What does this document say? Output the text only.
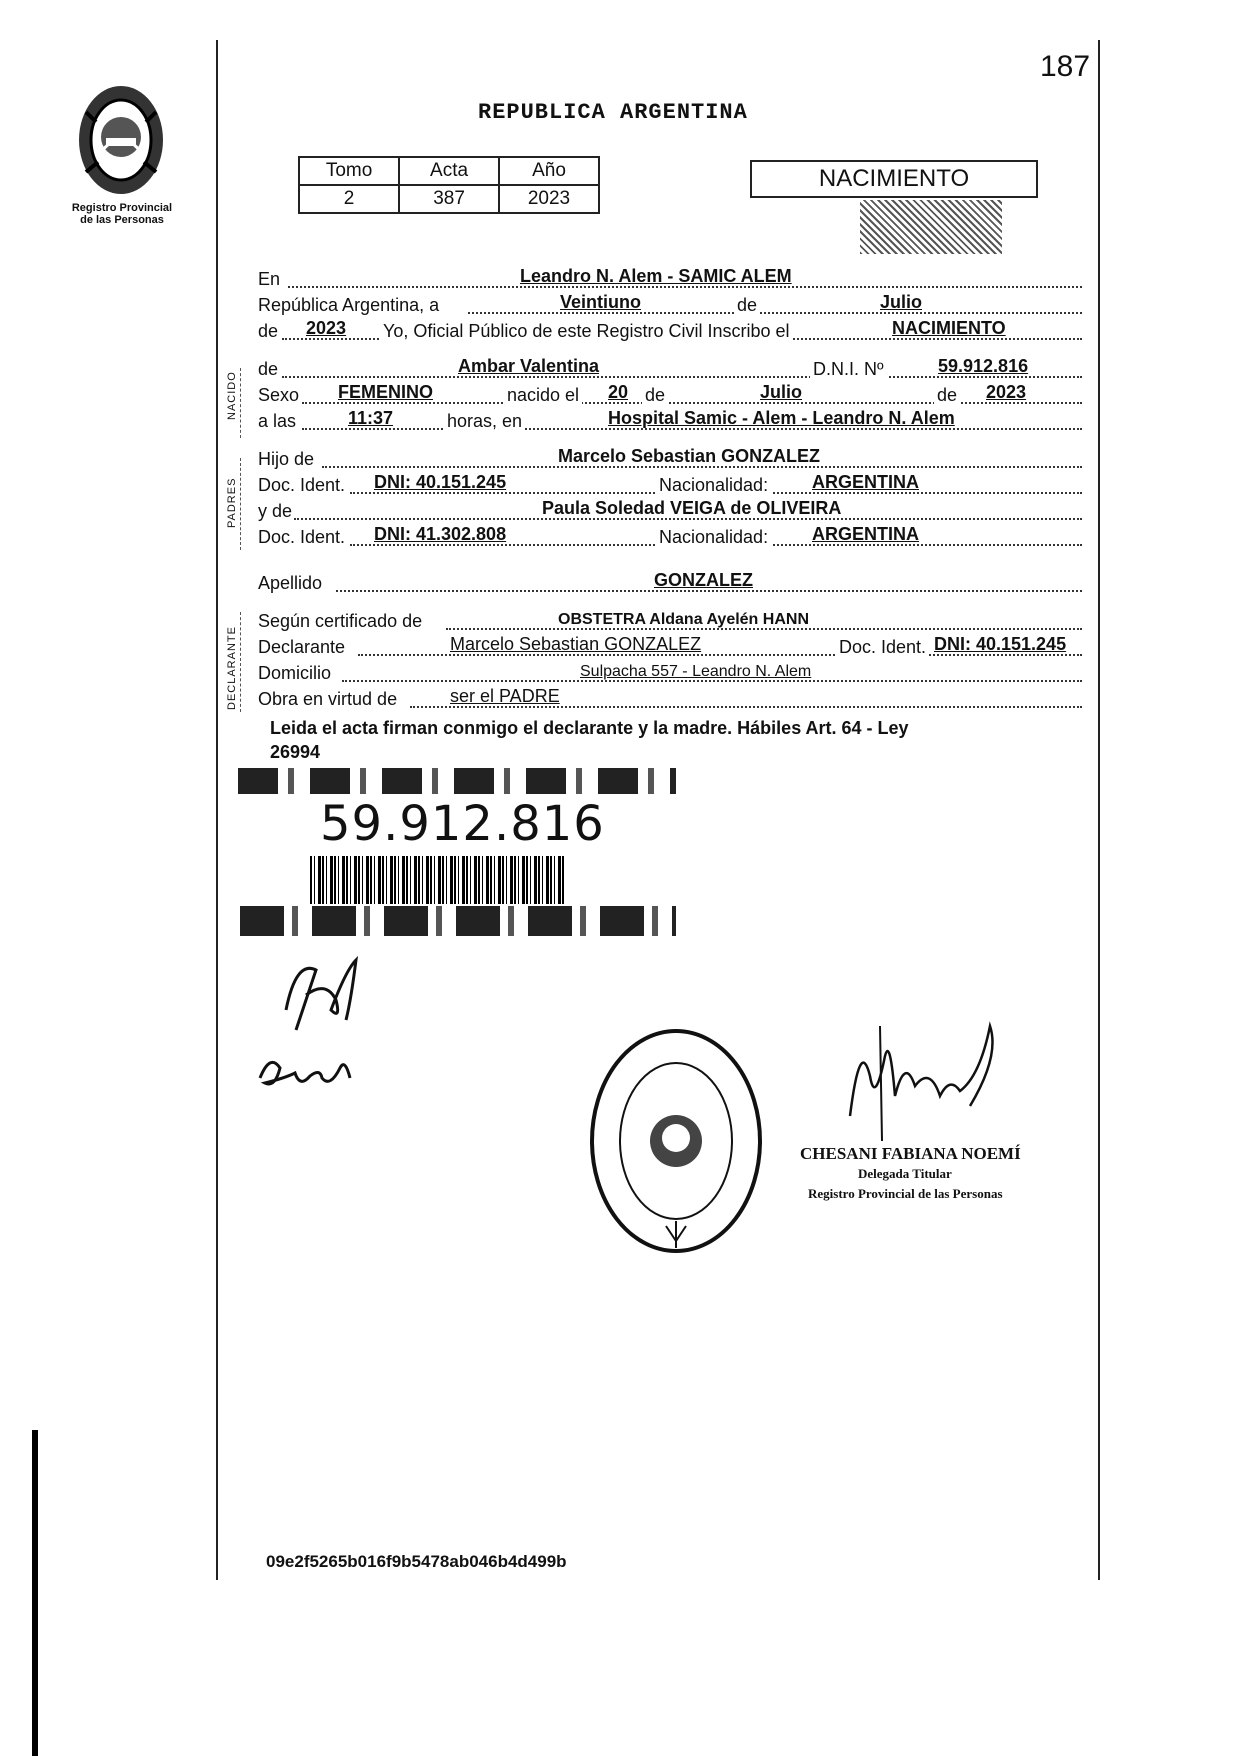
187
Registro Provincial
de las Personas
REPUBLICA ARGENTINA
Tomo	Acta	Año
2	387	2023
NACIMIENTO
En	Leandro N. Alem - SAMIC ALEM
República Argentina, a	Veintiuno	de	Julio
de 2023 Yo, Oficial Público de este Registro Civil Inscribo el	NACIMIENTO
NACIDO
de	Ambar Valentina	D.N.I. Nº	59.912.816
Sexo FEMENINO	nacido el 20 de	Julio	de 2023
a las	11:37	horas, en	Hospital Samic - Alem - Leandro N. Alem
PADRES
Hijo de	Marcelo Sebastian GONZALEZ
Doc. Ident. DNI: 40.151.245	Nacionalidad: ARGENTINA
y de	Paula Soledad VEIGA de OLIVEIRA
Doc. Ident. DNI: 41.302.808	Nacionalidad: ARGENTINA
Apellido	GONZALEZ
DECLARANTE
Según certificado de	OBSTETRA Aldana Ayelén HANN
Declarante	Marcelo Sebastian GONZALEZ	Doc. Ident. DNI: 40.151.245
Domicilio	Sulpacha 557 - Leandro N. Alem
Obra en virtud de	ser el PADRE
Leida el acta firman conmigo el declarante y la madre. Hábiles Art. 64 - Ley
26994
59.912.816
CHESANI FABIANA NOEMÍ
Delegada Titular
Registro Provincial de las Personas
09e2f5265b016f9b5478ab046b4d499b
